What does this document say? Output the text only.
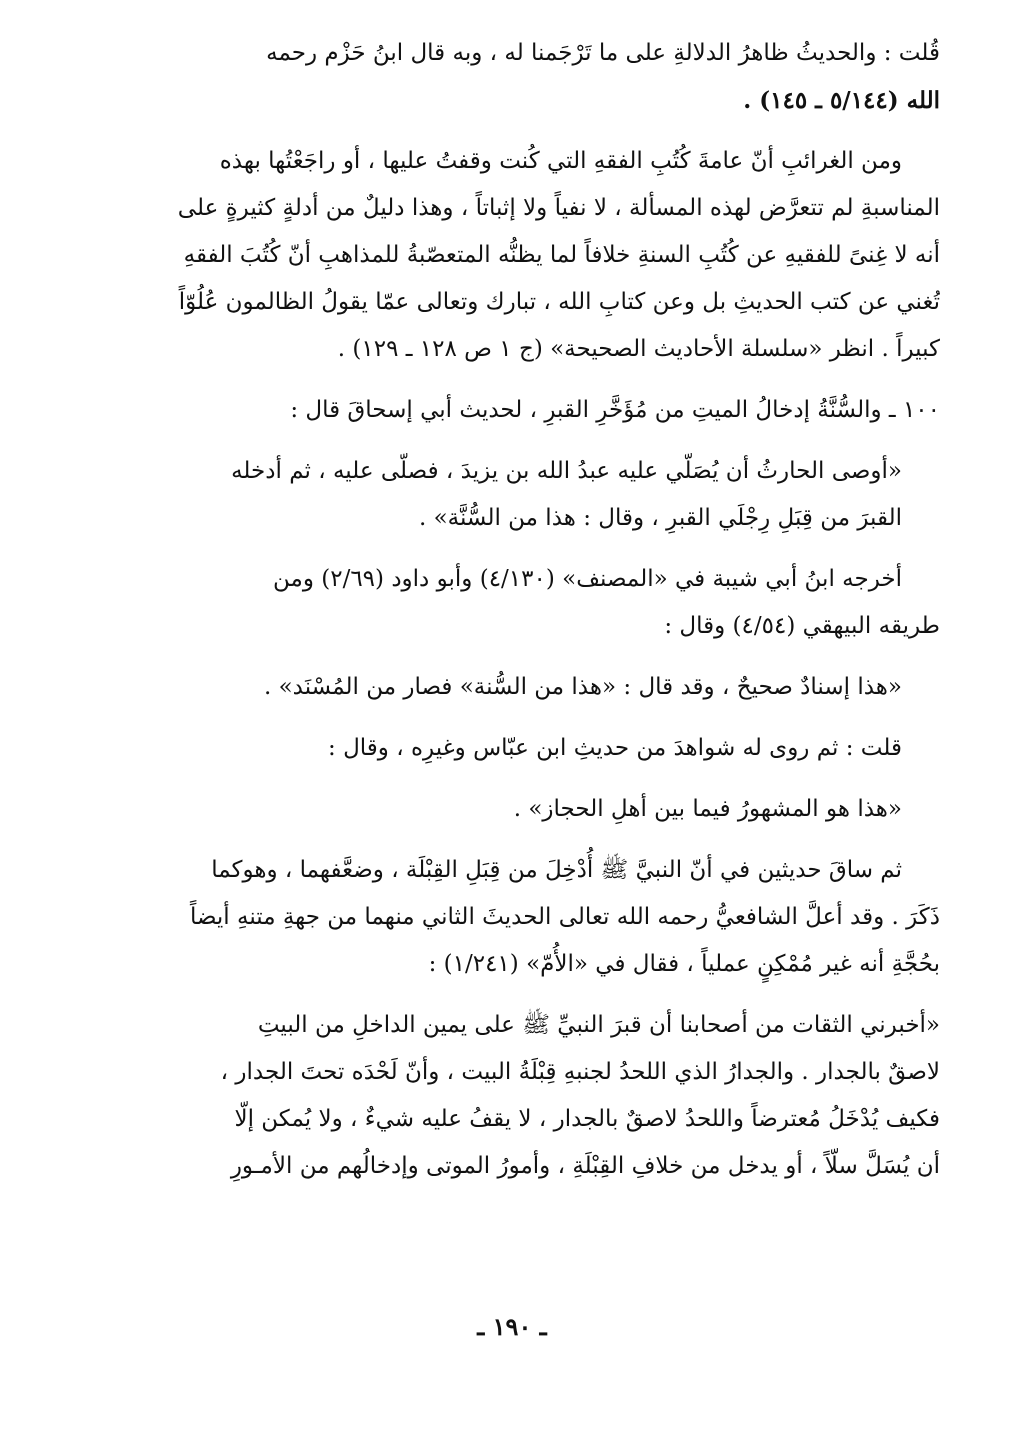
قُلت : والحديثُ ظاهرُ الدلالةِ على ما تَرْجَمنا له ، وبه قال ابنُ حَزْم رحمه
الله (٥/١٤٤ ـ ١٤٥) .

ومن الغرائبِ أنّ عامةَ كُتُبِ الفقهِ التي كُنت وقفتُ عليها ، أو راجَعْتُها بهذه
المناسبةِ لم تتعرَّض لهذه المسألة ، لا نفياً ولا إثباتاً ، وهذا دليلٌ من أدلةٍ كثيرةٍ على
أنه لا غِنىً للفقيهِ عن كُتُبِ السنةِ خلافاً لما يظنُّه المتعصّبةُ للمذاهبِ أنّ كُتُبَ الفقهِ
تُغني عن كتب الحديثِ بل وعن كتابِ الله ، تبارك وتعالى عمّا يقولُ الظالمون عُلُوّاً
كبيراً . انظر «سلسلة الأحاديث الصحيحة» (ج ١ ص ١٢٨ ـ ١٢٩) .

١٠٠ ـ والسُّنَّةُ إدخالُ الميتِ من مُؤَخَّرِ القبرِ ، لحديث أبي إسحاقَ قال :

«أوصى الحارثُ أن يُصَلّي عليه عبدُ الله بن يزيدَ ، فصلّى عليه ، ثم أدخله
القبرَ من قِبَلِ رِجْلَي القبرِ ، وقال : هذا من السُّنَّة» .

أخرجه ابنُ أبي شيبة في «المصنف» (٤/١٣٠) وأبو داود (٢/٦٩) ومن
طريقه البيهقي (٤/٥٤) وقال :

«هذا إسنادٌ صحيحٌ ، وقد قال : «هذا من السُّنة» فصار من المُسْنَد» .

قلت : ثم روى له شواهدَ من حديثِ ابن عبّاس وغيرِه ، وقال :

«هذا هو المشهورُ فيما بين أهلِ الحجاز» .

ثم ساقَ حديثين في أنّ النبيَّ ﷺ أُدْخِلَ من قِبَلِ القِبْلَة ، وضعَّفهما ، وهوكما
ذَكَرَ . وقد أعلَّ الشافعيُّ رحمه الله تعالى الحديثَ الثاني منهما من جهةِ متنهِ أيضاً
بحُجَّةِ أنه غير مُمْكِنٍ عملياً ، فقال في «الأُمّ» (١/٢٤١) :

«أخبرني الثقات من أصحابنا أن قبرَ النبيِّ ﷺ على يمين الداخلِ من البيتِ
لاصقٌ بالجدار . والجدارُ الذي اللحدُ لجنبهِ قِبْلَةُ البيت ، وأنّ لَحْدَه تحتَ الجدار ،
فكيف يُدْخَلُ مُعترضاً واللحدُ لاصقٌ بالجدار ، لا يقفُ عليه شيءٌ ، ولا يُمكن إلّا
أن يُسَلَّ سلّاً ، أو يدخل من خلافِ القِبْلَةِ ، وأمورُ الموتى وإدخالُهم من الأمـورِ

ـ ١٩٠ ـ
